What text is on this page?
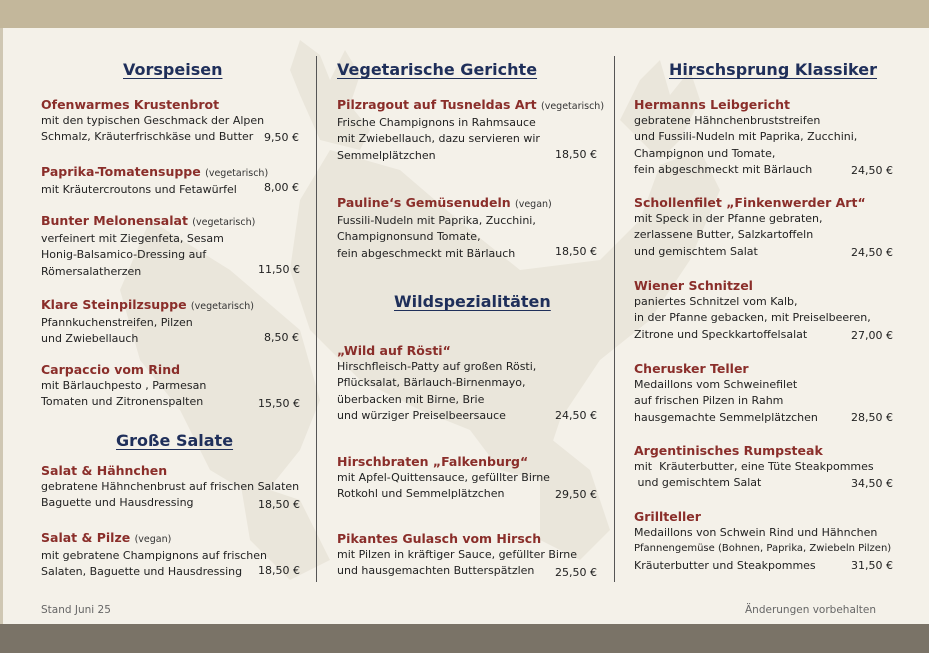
Vorspeisen
Ofenwarmes Krustenbrot
mit den typischen Geschmack der Alpen
Schmalz, Kräuterfrischkäse und Butter 9,50 €
Paprika-Tomatensuppe (vegetarisch)
mit Kräutercroutons und Fetawürfel	8,00 €
Bunter Melonensalat (vegetarisch)
verfeinert mit Ziegenfeta, Sesam
Honig-Balsamico-Dressing auf
Römersalatherzen	11,50 €
Klare Steinpilzsuppe (vegetarisch)
Pfannkuchenstreifen, Pilzen
und Zwiebellauch	8,50 €
Carpaccio vom Rind
mit Bärlauchpesto , Parmesan
Tomaten und Zitronenspalten	15,50 €
Große Salate
Salat & Hähnchen
gebratene Hähnchenbrust auf frischen Salaten
Baguette und Hausdressing	18,50 €
Salat & Pilze (vegan)
mit gebratene Champignons auf frischen
Salaten, Baguette und Hausdressing	18,50 €
Vegetarische Gerichte
Pilzragout auf Tusneldas Art (vegetarisch)
Frische Champignons in Rahmsauce
mit Zwiebellauch, dazu servieren wir
Semmelplätzchen	18,50 €
Pauline‘s Gemüsenudeln (vegan)
Fussili-Nudeln mit Paprika, Zucchini,
Champignonsund Tomate,
fein abgeschmeckt mit Bärlauch	18,50 €
Wildspezialitäten
„Wild auf Rösti“
Hirschfleisch-Patty auf großen Rösti,
Pflücksalat, Bärlauch-Birnenmayo,
überbacken mit Birne, Brie
und würziger Preiselbeersauce	24,50 €
Hirschbraten „Falkenburg“
mit Apfel-Quittensauce, gefüllter Birne
Rotkohl und Semmelplätzchen	29,50 €
Pikantes Gulasch vom Hirsch
mit Pilzen in kräftiger Sauce, gefüllter Birne
und hausgemachten Butterspätzlen	25,50 €
Hirschsprung Klassiker
Hermanns Leibgericht
gebratene Hähnchenbruststreifen
und Fussili-Nudeln mit Paprika, Zucchini,
Champignon und Tomate,
fein abgeschmeckt mit Bärlauch	24,50 €
Schollenfilet „Finkenwerder Art“
mit Speck in der Pfanne gebraten,
zerlassene Butter, Salzkartoffeln
und gemischtem Salat	24,50 €
Wiener Schnitzel
paniertes Schnitzel vom Kalb,
in der Pfanne gebacken, mit Preiselbeeren,
Zitrone und Speckkartoffelsalat	27,00 €
Cherusker Teller
Medaillons vom Schweinefilet
auf frischen Pilzen in Rahm
hausgemachte Semmelplätzchen	28,50 €
Argentinisches Rumpsteak
mit  Kräuterbutter, eine Tüte Steakpommes
und gemischtem Salat	34,50 €
Grillteller
Medaillons von Schwein Rind und Hähnchen
Pfannengemüse (Bohnen, Paprika, Zwiebeln Pilzen)
Kräuterbutter und Steakpommes	31,50 €
Stand Juni 25	Änderungen vorbehalten
